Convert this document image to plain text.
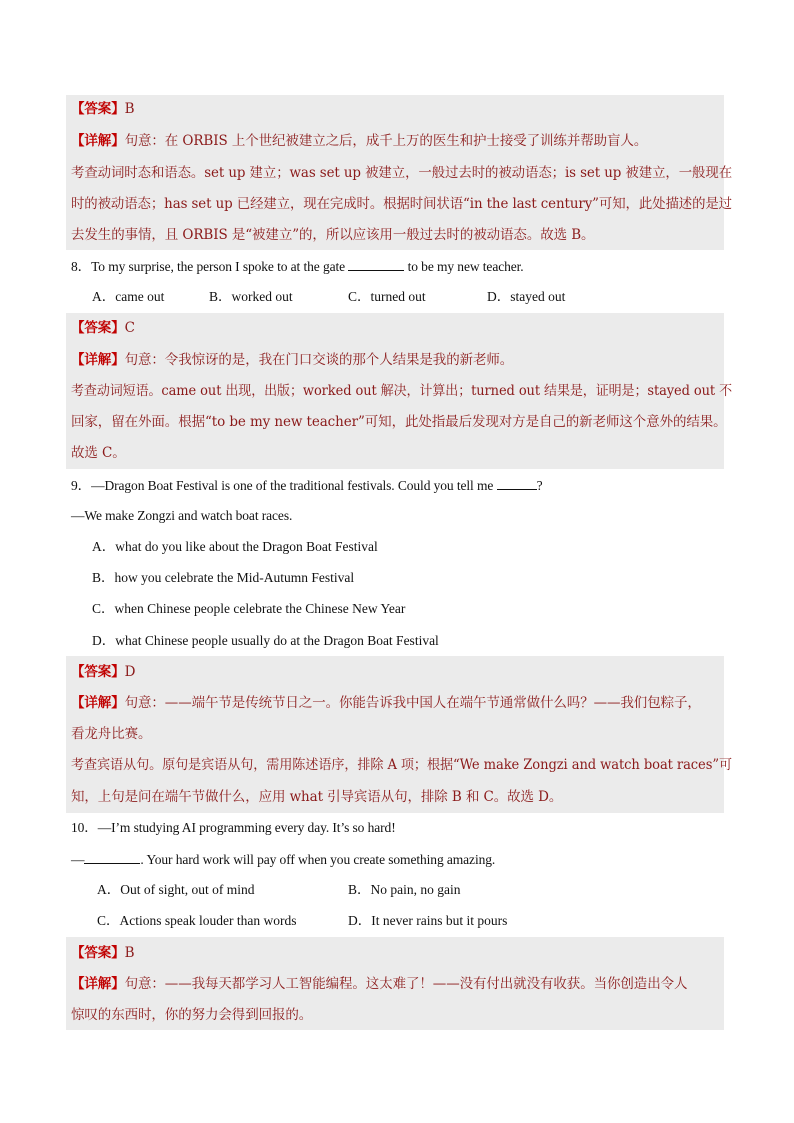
【答案】B
【详解】句意：在 ORBIS 上个世纪被建立之后，成千上万的医生和护士接受了训练并帮助盲人。
考查动词时态和语态。set up 建立；was set up 被建立，一般过去时的被动语态；is set up 被建立，一般现在
时的被动语态；has set up 已经建立，现在完成时。根据时间状语“in the last century”可知，此处描述的是过
去发生的事情，且 ORBIS 是“被建立”的，所以应该用一般过去时的被动语态。故选 B。
8．To my surprise, the person I spoke to at the gate	to be my new teacher.
A．came out	B．worked out	C．turned out	D．stayed out
【答案】C
【详解】句意：令我惊讶的是，我在门口交谈的那个人结果是我的新老师。
考查动词短语。came out 出现，出版；worked out 解决，计算出；turned out 结果是，证明是；stayed out 不
回家，留在外面。根据“to be my new teacher”可知，此处指最后发现对方是自己的新老师这个意外的结果。
故选 C。
9．—Dragon Boat Festival is one of the traditional festivals. Could you tell me	?
—We make Zongzi and watch boat races.
A．what do you like about the Dragon Boat Festival
B．how you celebrate the Mid-Autumn Festival
C．when Chinese people celebrate the Chinese New Year
D．what Chinese people usually do at the Dragon Boat Festival
【答案】D
【详解】句意：——端午节是传统节日之一。你能告诉我中国人在端午节通常做什么吗？——我们包粽子，
看龙舟比赛。
考查宾语从句。原句是宾语从句，需用陈述语序，排除 A 项；根据“We make Zongzi and watch boat races”可
知，上句是问在端午节做什么，应用 what 引导宾语从句，排除 B 和 C。故选 D。
10．—I’m studying AI programming every day. It’s so hard!
—	. Your hard work will pay off when you create something amazing.
A．Out of sight, out of mind	B．No pain, no gain
C．Actions speak louder than words	D．It never rains but it pours
【答案】B
【详解】句意：——我每天都学习人工智能编程。这太难了！——没有付出就没有收获。当你创造出令人
惊叹的东西时，你的努力会得到回报的。
